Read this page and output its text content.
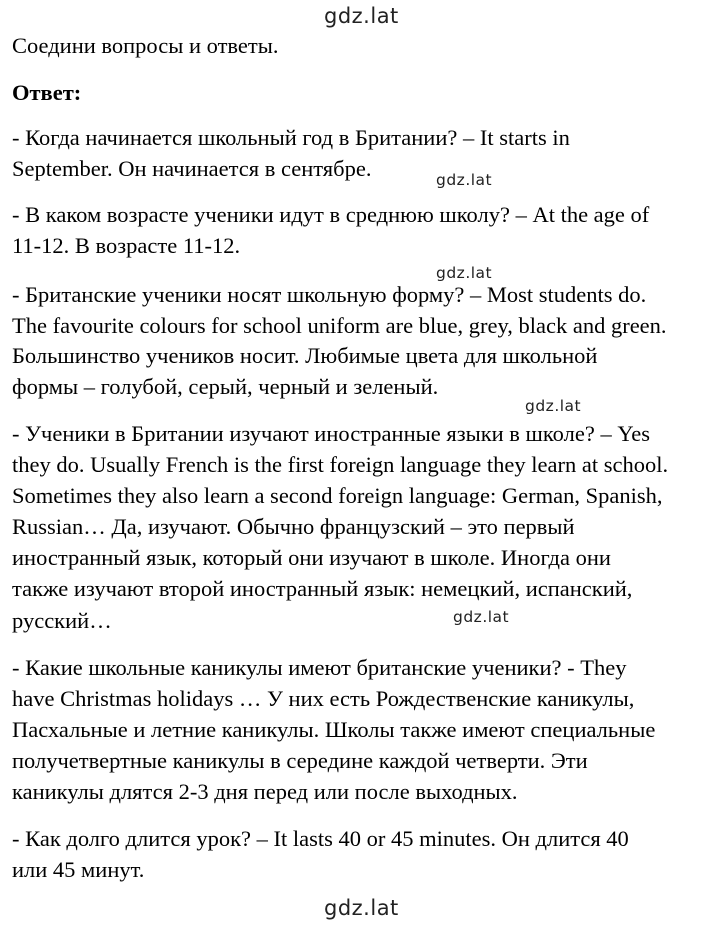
gdz.lat
Соедини вопросы и ответы.
Ответ:
- Когда начинается школьный год в Британии? – It starts in
September. Он начинается в сентябре.	gdz.lat
- В каком возрасте ученики идут в среднюю школу? – At the age of
11-12. В возрасте 11-12.
gdz.lat
- Британские ученики носят школьную форму? – Most students do.
The favourite colours for school uniform are blue, grey, black and green.
Большинство учеников носит. Любимые цвета для школьной
формы – голубой, серый, черный и зеленый.
gdz.lat
- Ученики в Британии изучают иностранные языки в школе? – Yes
they do. Usually French is the first foreign language they learn at school.
Sometimes they also learn a second foreign language: German, Spanish,
Russian… Да, изучают. Обычно французский – это первый
иностранный язык, который они изучают в школе. Иногда они
также изучают второй иностранный язык: немецкий, испанский,
русский…	gdz.lat
- Какие школьные каникулы имеют британские ученики? - They
have Christmas holidays … У них есть Рождественские каникулы,
Пасхальные и летние каникулы. Школы также имеют специальные
получетвертные каникулы в середине каждой четверти. Эти
каникулы длятся 2-3 дня перед или после выходных.
- Как долго длится урок? – It lasts 40 or 45 minutes. Он длится 40
или 45 минут.
gdz.lat
